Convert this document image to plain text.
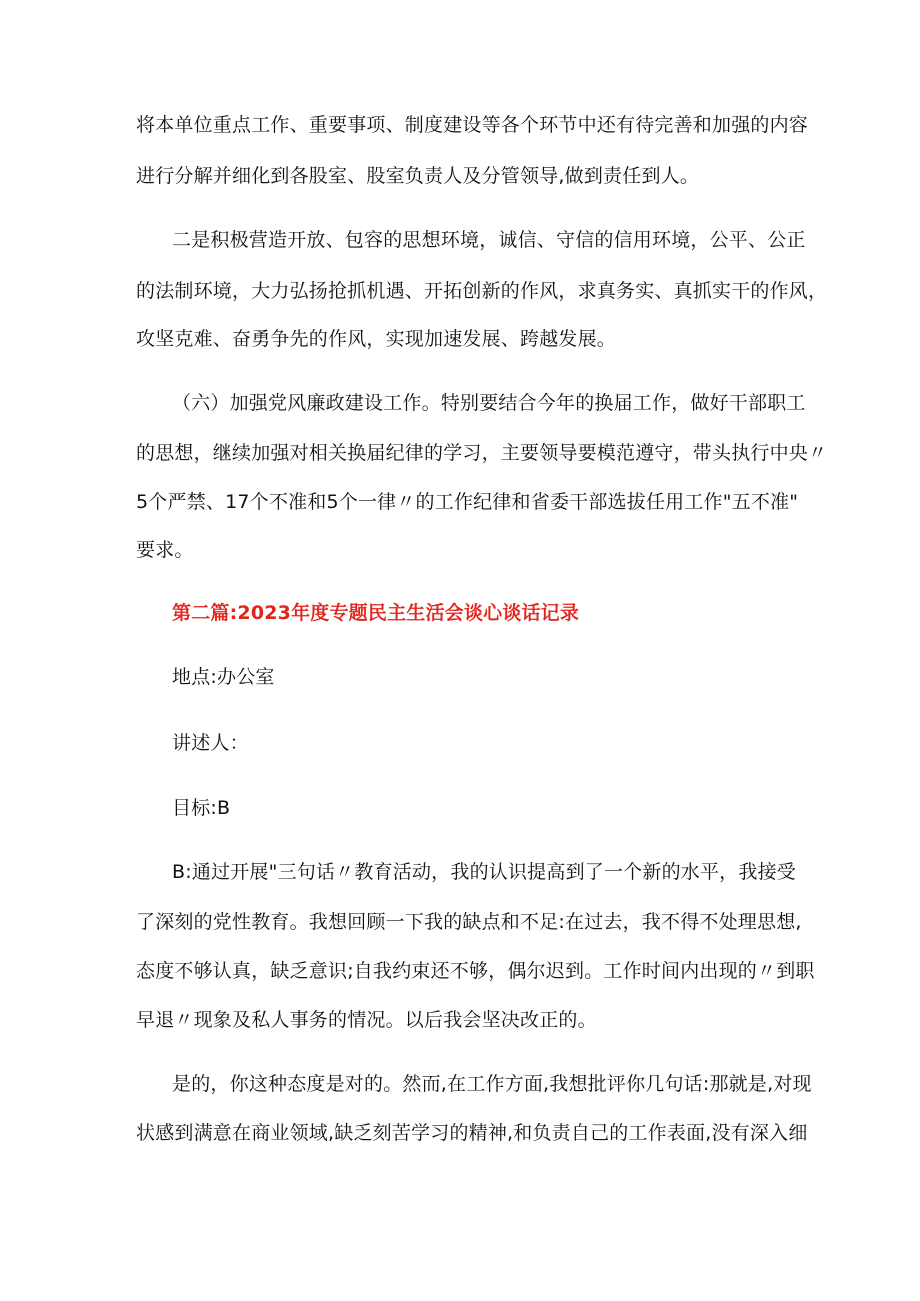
将本单位重点工作、重要事项、制度建设等各个环节中还有待完善和加强的内容
进行分解并细化到各股室、股室负责人及分管领导,做到责任到人。
二是积极营造开放、包容的思想环境，诚信、守信的信用环境，公平、公正
的法制环境，大力弘扬抢抓机遇、开拓创新的作风，求真务实、真抓实干的作风，
攻坚克难、奋勇争先的作风，实现加速发展、跨越发展。
（六）加强党风廉政建设工作。特别要结合今年的换届工作，做好干部职工
的思想，继续加强对相关换届纪律的学习，主要领导要模范遵守，带头执行中央〃
5个严禁、17个不准和5个一律〃的工作纪律和省委干部选拔任用工作"五不准"
要求。
第二篇:2023年度专题民主生活会谈心谈话记录
地点:办公室
讲述人：
目标:B
B:通过开展"三句话〃教育活动，我的认识提高到了一个新的水平，我接受
了深刻的党性教育。我想回顾一下我的缺点和不足:在过去，我不得不处理思想,
态度不够认真，缺乏意识;自我约束还不够，偶尔迟到。工作时间内出现的〃到职
早退〃现象及私人事务的情况。以后我会坚决改正的。
是的，你这种态度是对的。然而,在工作方面,我想批评你几句话:那就是,对现
状感到满意在商业领域,缺乏刻苦学习的精神,和负责自己的工作表面,没有深入细
